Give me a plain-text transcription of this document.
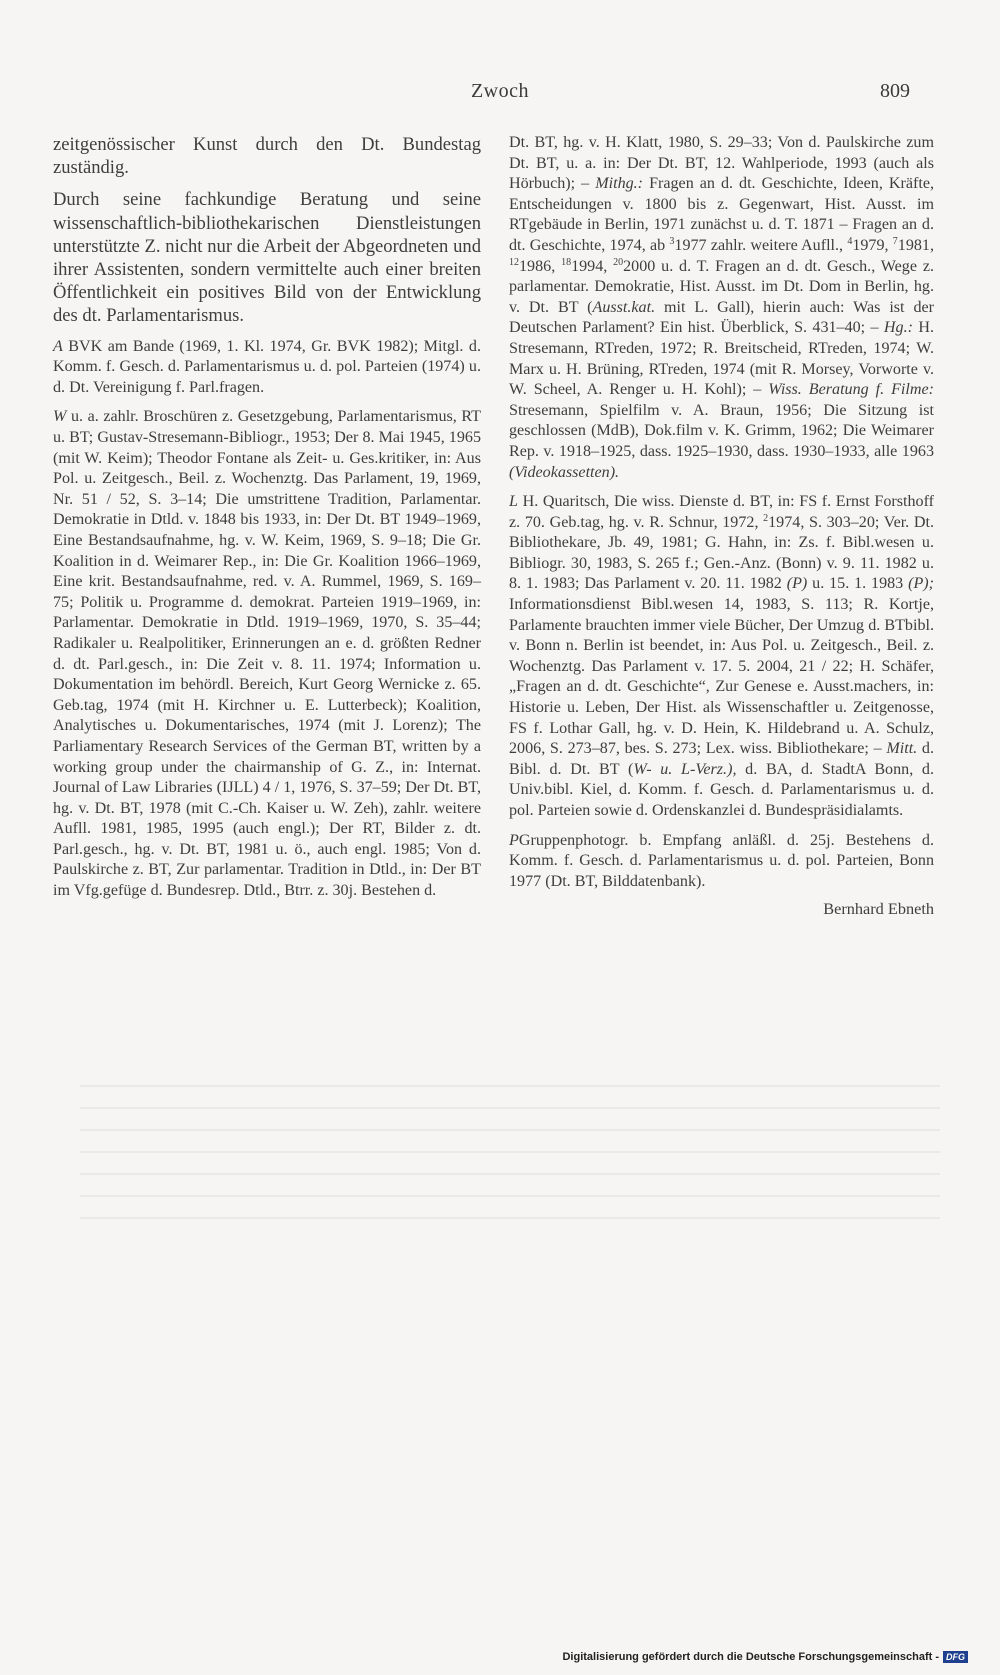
Zwoch	809

zeitgenössischer Kunst durch den Dt. Bundestag zuständig.

Durch seine fachkundige Beratung und seine wissenschaftlich-bibliothekarischen Dienstleistungen unterstützte Z. nicht nur die Arbeit der Abgeordneten und ihrer Assistenten, sondern vermittelte auch einer breiten Öffentlichkeit ein positives Bild von der Entwicklung des dt. Parlamentarismus.

A BVK am Bande (1969, 1. Kl. 1974, Gr. BVK 1982); Mitgl. d. Komm. f. Gesch. d. Parlamentarismus u. d. pol. Parteien (1974) u. d. Dt. Vereinigung f. Parl.fragen.

W u. a. zahlr. Broschüren z. Gesetzgebung, Parlamentarismus, RT u. BT; Gustav-Stresemann-Bibliogr., 1953; Der 8. Mai 1945, 1965 (mit W. Keim); Theodor Fontane als Zeit- u. Ges.kritiker, in: Aus Pol. u. Zeitgesch., Beil. z. Wochenztg. Das Parlament, 19, 1969, Nr. 51 / 52, S. 3–14; Die umstrittene Tradition, Parlamentar. Demokratie in Dtld. v. 1848 bis 1933, in: Der Dt. BT 1949–1969, Eine Bestandsaufnahme, hg. v. W. Keim, 1969, S. 9–18; Die Gr. Koalition in d. Weimarer Rep., in: Die Gr. Koalition 1966–1969, Eine krit. Bestandsaufnahme, red. v. A. Rummel, 1969, S. 169–75; Politik u. Programme d. demokrat. Parteien 1919–1969, in: Parlamentar. Demokratie in Dtld. 1919–1969, 1970, S. 35–44; Radikaler u. Realpolitiker, Erinnerungen an e. d. größten Redner d. dt. Parl.gesch., in: Die Zeit v. 8. 11. 1974; Information u. Dokumentation im behördl. Bereich, Kurt Georg Wernicke z. 65. Geb.tag, 1974 (mit H. Kirchner u. E. Lutterbeck); Koalition, Analytisches u. Dokumentarisches, 1974 (mit J. Lorenz); The Parliamentary Research Services of the German BT, written by a working group under the chairmanship of G. Z., in: Internat. Journal of Law Libraries (IJLL) 4 / 1, 1976, S. 37–59; Der Dt. BT, hg. v. Dt. BT, 1978 (mit C.-Ch. Kaiser u. W. Zeh), zahlr. weitere Aufll. 1981, 1985, 1995 (auch engl.); Der RT, Bilder z. dt. Parl.gesch., hg. v. Dt. BT, 1981 u. ö., auch engl. 1985; Von d. Paulskirche z. BT, Zur parlamentar. Tradition in Dtld., in: Der BT im Vfg.gefüge d. Bundesrep. Dtld., Btrr. z. 30j. Bestehen d.

Dt. BT, hg. v. H. Klatt, 1980, S. 29–33; Von d. Paulskirche zum Dt. BT, u. a. in: Der Dt. BT, 12. Wahlperiode, 1993 (auch als Hörbuch); – Mithg.: Fragen an d. dt. Geschichte, Ideen, Kräfte, Entscheidungen v. 1800 bis z. Gegenwart, Hist. Ausst. im RTgebäude in Berlin, 1971 zunächst u. d. T. 1871 – Fragen an d. dt. Geschichte, 1974, ab $^3$1977 zahlr. weitere Aufll., $^4$1979, $^7$1981, $^{12}$1986, $^{18}$1994, $^{20}$2000 u. d. T. Fragen an d. dt. Gesch., Wege z. parlamentar. Demokratie, Hist. Ausst. im Dt. Dom in Berlin, hg. v. Dt. BT (Ausst.kat. mit L. Gall), hierin auch: Was ist der Deutschen Parlament? Ein hist. Überblick, S. 431–40; – Hg.: H. Stresemann, RTreden, 1972; R. Breitscheid, RTreden, 1974; W. Marx u. H. Brüning, RTreden, 1974 (mit R. Morsey, Vorworte v. W. Scheel, A. Renger u. H. Kohl); – Wiss. Beratung f. Filme: Stresemann, Spielfilm v. A. Braun, 1956; Die Sitzung ist geschlossen (MdB), Dok.film v. K. Grimm, 1962; Die Weimarer Rep. v. 1918–1925, dass. 1925–1930, dass. 1930–1933, alle 1963 (Videokassetten).

L H. Quaritsch, Die wiss. Dienste d. BT, in: FS f. Ernst Forsthoff z. 70. Geb.tag, hg. v. R. Schnur, 1972, $^2$1974, S. 303–20; Ver. Dt. Bibliothekare, Jb. 49, 1981; G. Hahn, in: Zs. f. Bibl.wesen u. Bibliogr. 30, 1983, S. 265 f.; Gen.-Anz. (Bonn) v. 9. 11. 1982 u. 8. 1. 1983; Das Parlament v. 20. 11. 1982 (P) u. 15. 1. 1983 (P); Informationsdienst Bibl.wesen 14, 1983, S. 113; R. Kortje, Parlamente brauchten immer viele Bücher, Der Umzug d. BTbibl. v. Bonn n. Berlin ist beendet, in: Aus Pol. u. Zeitgesch., Beil. z. Wochenztg. Das Parlament v. 17. 5. 2004, 21 / 22; H. Schäfer, „Fragen an d. dt. Geschichte“, Zur Genese e. Ausst.machers, in: Historie u. Leben, Der Hist. als Wissenschaftler u. Zeitgenosse, FS f. Lothar Gall, hg. v. D. Hein, K. Hildebrand u. A. Schulz, 2006, S. 273–87, bes. S. 273; Lex. wiss. Bibliothekare; – Mitt. d. Bibl. d. Dt. BT (W- u. L-Verz.), d. BA, d. StadtA Bonn, d. Univ.bibl. Kiel, d. Komm. f. Gesch. d. Parlamentarismus u. d. pol. Parteien sowie d. Ordenskanzlei d. Bundespräsidialamts.

PGruppenphotogr. b. Empfang anläßl. d. 25j. Bestehens d. Komm. f. Gesch. d. Parlamentarismus u. d. pol. Parteien, Bonn 1977 (Dt. BT, Bilddatenbank).

Bernhard Ebneth

Digitalisierung gefördert durch die Deutsche Forschungsgemeinschaft - DFG
